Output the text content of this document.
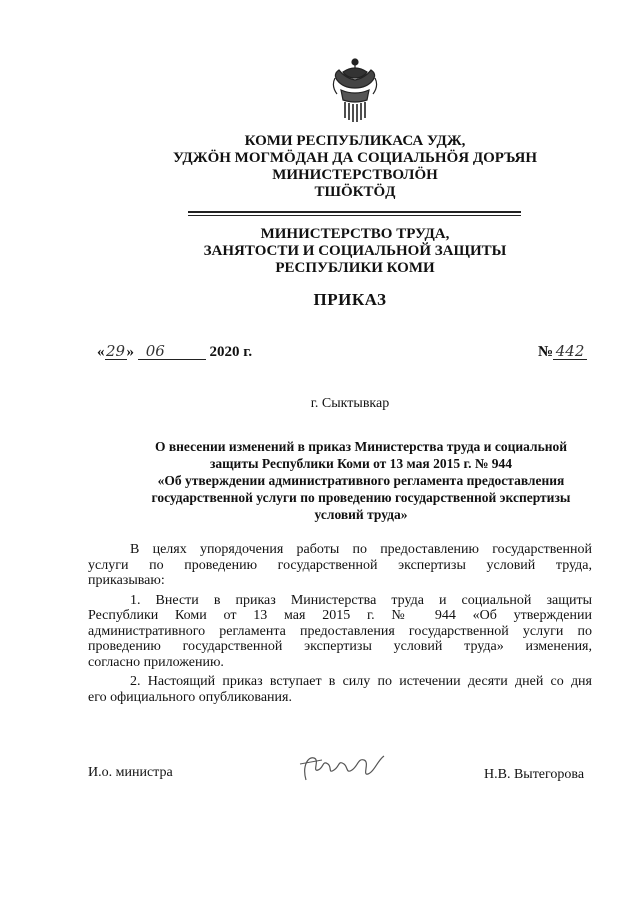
КОМИ РЕСПУБЛИКАСА УДЖ,
УДЖÖН МОГМÖДАН ДА СОЦИАЛЬНÖЯ ДОРЪЯН
МИНИСТЕРСТВОЛÖН
ТШÖКТÖД
МИНИСТЕРСТВО ТРУДА,
ЗАНЯТОСТИ И СОЦИАЛЬНОЙ ЗАЩИТЫ
РЕСПУБЛИКИ КОМИ
ПРИКАЗ
«29» 06	2020 г.	№ 442
г. Сыктывкар
О внесении изменений в приказ Министерства труда и социальной
защиты Республики Коми от 13 мая 2015 г. № 944
«Об утверждении административного регламента предоставления
государственной услуги по проведению государственной экспертизы
условий труда»
В целях упорядочения работы по предоставлению государственной
услуги по проведению государственной экспертизы условий труда,
приказываю:
1. Внести в приказ Министерства труда и социальной защиты
Республики Коми от 13 мая 2015 г. № 944 «Об утверждении
административного регламента предоставления государственной услуги по
проведению государственной экспертизы условий труда» изменения,
согласно приложению.
2. Настоящий приказ вступает в силу по истечении десяти дней со дня
его официального опубликования.
И.о. министра	Н.В. Вытегорова
